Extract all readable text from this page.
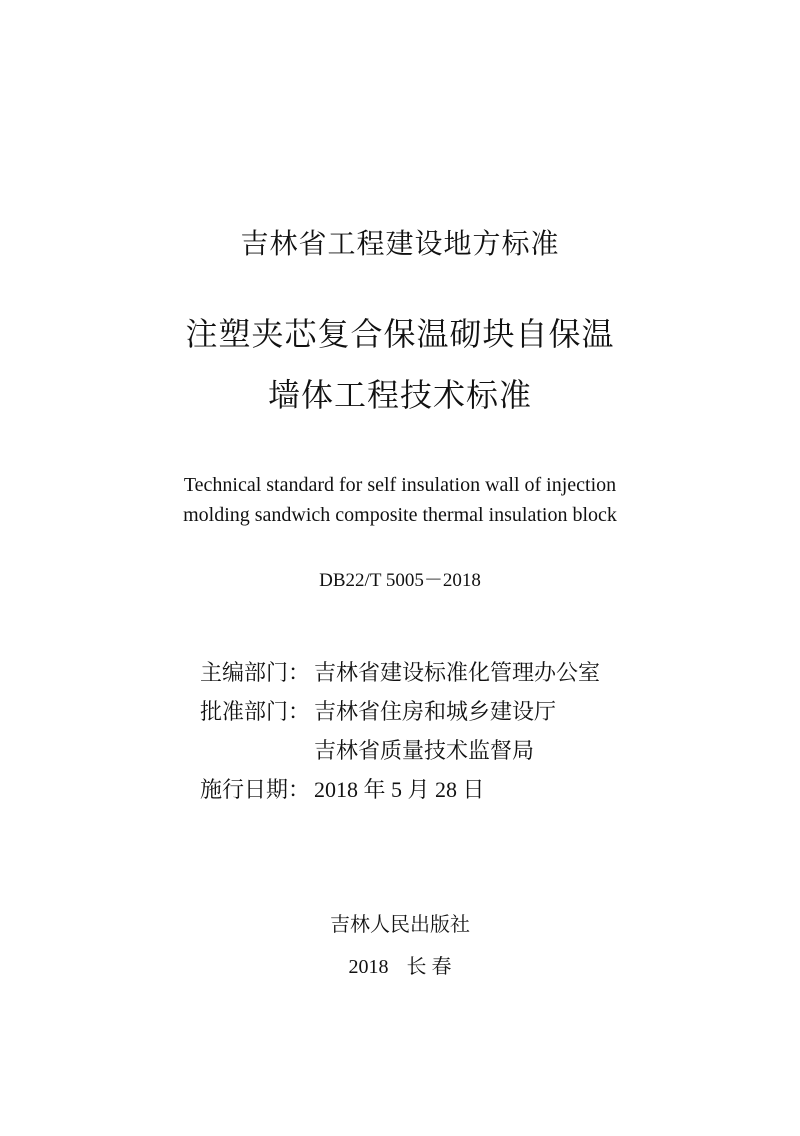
吉林省工程建设地方标准
注塑夹芯复合保温砌块自保温
墙体工程技术标准
Technical standard for self insulation wall of injection
molding sandwich composite thermal insulation block
DB22/T 5005－2018
主编部门： 吉林省建设标准化管理办公室
批准部门： 吉林省住房和城乡建设厅
吉林省质量技术监督局
施行日期： 2018 年 5 月 28 日
吉林人民出版社
2018 长 春
